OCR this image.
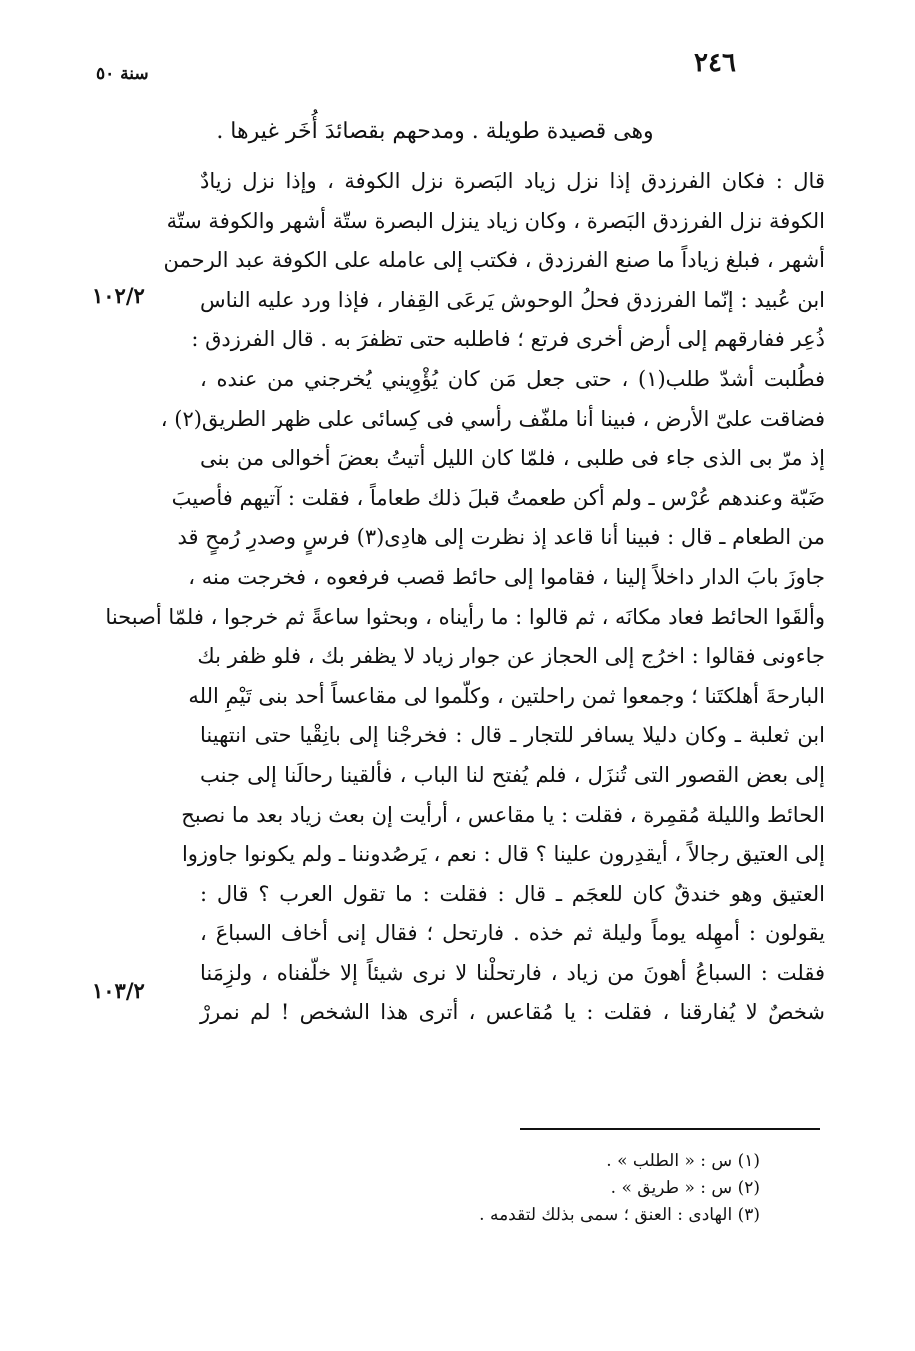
٢٤٦
سنة ٥٠
وهى قصيدة طويلة . ومدحهم بقصائدَ أُخَر غيرها .
١٠٢/٢
١٠٣/٢
قال : فكان الفرزدق إذا نزل زياد البَصرة نزل الكوفة ، وإذا نزل زيادٌ
الكوفة نزل الفرزدق البَصرة ، وكان زياد ينزل البصرة ستّة أشهر والكوفة ستّة
أشهر ، فبلغ زياداً ما صنع الفرزدق ، فكتب إلى عامله على الكوفة عبد الرحمن
ابن عُبيد : إنّما الفرزدق فحلُ الوحوش يَرعَى القِفار ، فإذا ورد عليه الناس
ذُعِر ففارقهم إلى أرض أخرى فرتع ؛ فاطلبه حتى تظفرَ به . قال الفرزدق :
فطُلبت أشدّ طلب(١) ، حتى جعل مَن كان يُؤْوِيني يُخرجني من عنده ،
فضاقت علىّ الأرض ، فبينا أنا ملفّف رأسي فى كِسائى على ظهر الطريق(٢) ،
إذ مرّ بى الذى جاء فى طلبى ، فلمّا كان الليل أتيتُ بعضَ أخوالى من بنى
ضَبّة وعندهم عُرْس ـ ولم أكن طعمتُ قبلَ ذلك طعاماً ، فقلت : آتيهم فأصيبَ
من الطعام ـ قال : فبينا أنا قاعد إذ نظرت إلى هادِى(٣) فرسٍ وصدرِ رُمحٍ قد
جاوزَ بابَ الدار داخلاً إلينا ، فقاموا إلى حائط قصب فرفعوه ، فخرجت منه ،
وألقَوا الحائط فعاد مكانَه ، ثم قالوا : ما رأيناه ، وبحثوا ساعةً ثم خرجوا ، فلمّا أصبحنا
جاءونى فقالوا : اخرُج إلى الحجاز عن جوار زياد لا يظفر بك ، فلو ظفر بك
البارحةَ أهلكتَنا ؛ وجمعوا ثمن راحلتين ، وكلّموا لى مقاعساً أحد بنى تَيْمِ الله
ابن ثعلبة ـ وكان دليلا يسافر للتجار ـ قال : فخرجْنا إلى بانِقْيا حتى انتهينا
إلى بعض القصور التى تُنزَل ، فلم يُفتح لنا الباب ، فألقينا رحالَنا إلى جنب
الحائط والليلة مُقمِرة ، فقلت : يا مقاعس ، أرأيت إن بعث زياد بعد ما نصبح
إلى العتيق رجالاً ، أيقدِرون علينا ؟ قال : نعم ، يَرصُدوننا ـ ولم يكونوا جاوزوا
العتيق وهو خندقٌ كان للعجَم ـ قال : فقلت : ما تقول العرب ؟ قال :
يقولون : أمهِله يوماً وليلة ثم خذه . فارتحل ؛ فقال إنى أخاف السباعَ ،
فقلت : السباعُ أهونَ من زياد ، فارتحلْنا لا نرى شيئاً إلا خلّفناه ، ولزِمَنا
شخصٌ لا يُفارقنا ، فقلت : يا مُقاعس ، أترى هذا الشخص ! لم نمررْ
(١) س : « الطلب » .
(٢) س : « طريق » .
(٣) الهادى : العنق ؛ سمى بذلك لتقدمه .
